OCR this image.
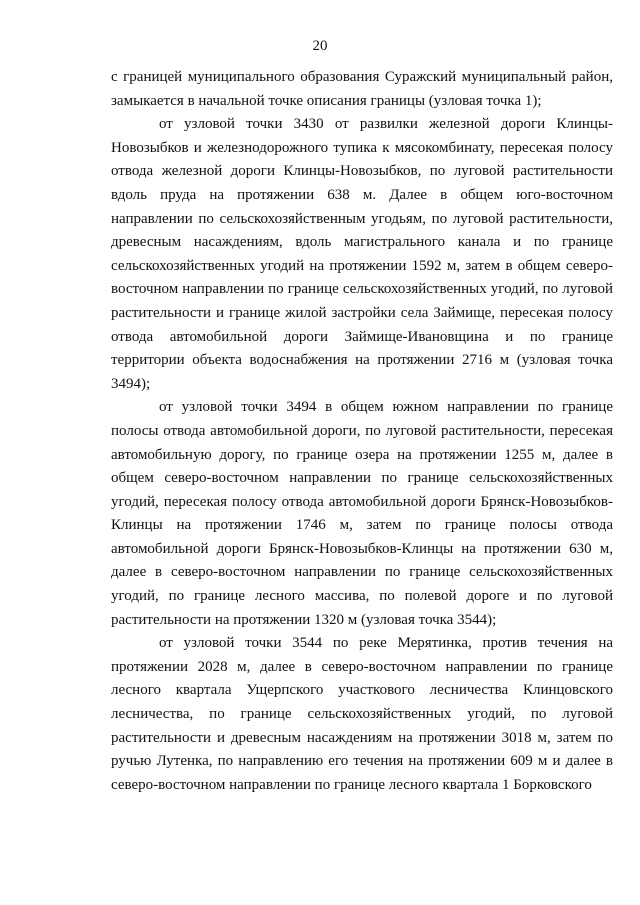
20

с границей муниципального образования Суражский муниципальный район, замыкается в начальной точке описания границы (узловая точка 1);

от узловой точки 3430 от развилки железной дороги Клинцы-Новозыбков и железнодорожного тупика к мясокомбинату, пересекая полосу отвода железной дороги Клинцы-Новозыбков, по луговой растительности вдоль пруда на протяжении 638 м. Далее в общем юго-восточном направлении по сельскохозяйственным угодьям, по луговой растительности, древесным насаждениям, вдоль магистрального канала и по границе сельскохозяйственных угодий на протяжении 1592 м, затем в общем северо-восточном направлении по границе сельскохозяйственных угодий, по луговой растительности и границе жилой застройки села Займище, пересекая полосу отвода автомобильной дороги Займище-Ивановщина и по границе территории объекта водоснабжения на протяжении 2716 м (узловая точка 3494);

от узловой точки 3494 в общем южном направлении по границе полосы отвода автомобильной дороги, по луговой растительности, пересекая автомобильную дорогу, по границе озера на протяжении 1255 м, далее в общем северо-восточном направлении по границе сельскохозяйственных угодий, пересекая полосу отвода автомобильной дороги Брянск-Новозыбков-Клинцы на протяжении 1746 м, затем по границе полосы отвода автомобильной дороги Брянск-Новозыбков-Клинцы на протяжении 630 м, далее в северо-восточном направлении по границе сельскохозяйственных угодий, по границе лесного массива, по полевой дороге и по луговой растительности на протяжении 1320 м (узловая точка 3544);

от узловой точки 3544 по реке Мерятинка, против течения на протяжении 2028 м, далее в северо-восточном направлении по границе лесного квартала Ущерпского участкового лесничества Клинцовского лесничества, по границе сельскохозяйственных угодий, по луговой растительности и древесным насаждениям на протяжении 3018 м, затем по ручью Лутенка, по направлению его течения на протяжении 609 м и далее в северо-восточном направлении по границе лесного квартала 1 Борковского
